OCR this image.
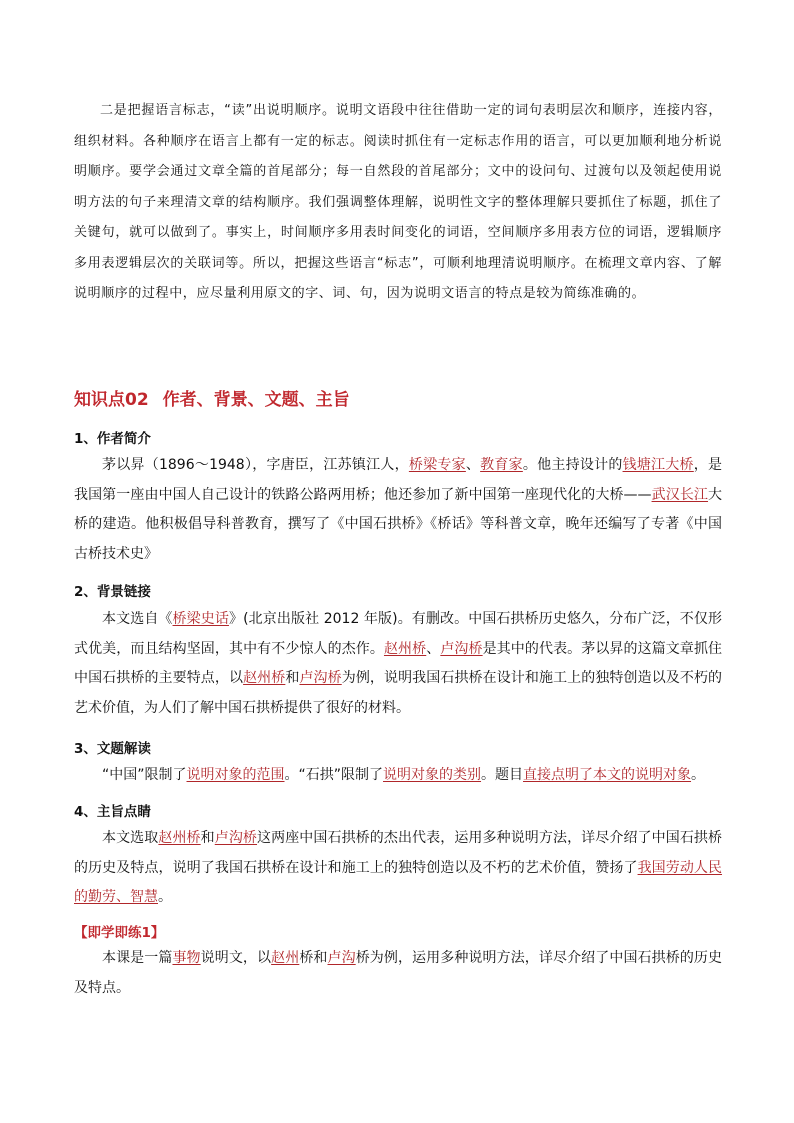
二是把握语言标志，“读”出说明顺序。说明文语段中往往借助一定的词句表明层次和顺序，连接内容，组织材料。各种顺序在语言上都有一定的标志。阅读时抓住有一定标志作用的语言，可以更加顺利地分析说明顺序。要学会通过文章全篇的首尾部分；每一自然段的首尾部分；文中的设问句、过渡句以及领起使用说明方法的句子来理清文章的结构顺序。我们强调整体理解，说明性文字的整体理解只要抓住了标题，抓住了关键句，就可以做到了。事实上，时间顺序多用表时间变化的词语，空间顺序多用表方位的词语，逻辑顺序多用表逻辑层次的关联词等。所以，把握这些语言“标志”，可顺利地理清说明顺序。在梳理文章内容、了解说明顺序的过程中，应尽量利用原文的字、词、句，因为说明文语言的特点是较为简练准确的。

知识点02 作者、背景、文题、主旨
1、作者简介

茅以昇（1896～1948），字唐臣，江苏镇江人，桥梁专家、教育家。他主持设计的钱塘江大桥，是我国第一座由中国人自己设计的铁路公路两用桥；他还参加了新中国第一座现代化的大桥——武汉长江大桥的建造。他积极倡导科普教育，撰写了《中国石拱桥》《桥话》等科普文章，晚年还编写了专著《中国古桥技术史》

2、背景链接

本文选自《桥梁史话》(北京出版社 2012 年版)。有删改。中国石拱桥历史悠久，分布广泛，不仅形式优美，而且结构坚固，其中有不少惊人的杰作。赵州桥、卢沟桥是其中的代表。茅以昇的这篇文章抓住中国石拱桥的主要特点，以赵州桥和卢沟桥为例，说明我国石拱桥在设计和施工上的独特创造以及不朽的艺术价值，为人们了解中国石拱桥提供了很好的材料。

3、文题解读

“中国”限制了说明对象的范围。“石拱”限制了说明对象的类别。题目直接点明了本文的说明对象。

4、主旨点睛

本文选取赵州桥和卢沟桥这两座中国石拱桥的杰出代表，运用多种说明方法，详尽介绍了中国石拱桥的历史及特点，说明了我国石拱桥在设计和施工上的独特创造以及不朽的艺术价值，赞扬了我国劳动人民的勤劳、智慧。

【即学即练1】

本课是一篇事物说明文，以赵州桥和卢沟桥为例，运用多种说明方法，详尽介绍了中国石拱桥的历史及特点。
